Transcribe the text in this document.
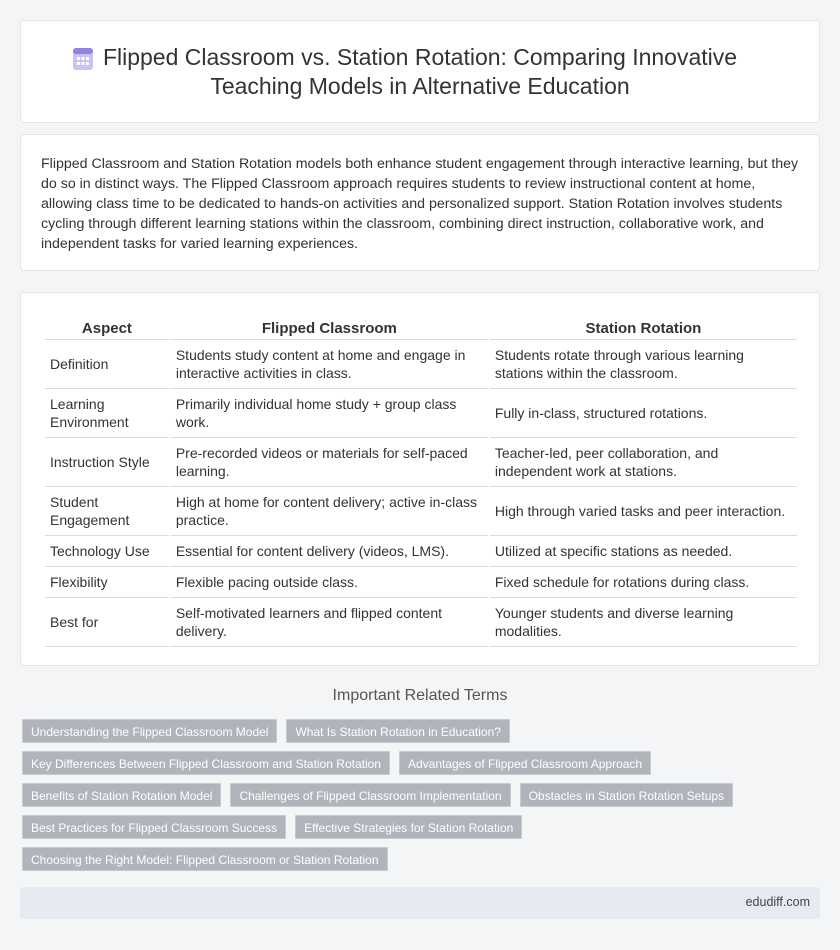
Flipped Classroom vs. Station Rotation: Comparing Innovative Teaching Models in Alternative Education

Flipped Classroom and Station Rotation models both enhance student engagement through interactive learning, but they do so in distinct ways. The Flipped Classroom approach requires students to review instructional content at home, allowing class time to be dedicated to hands-on activities and personalized support. Station Rotation involves students cycling through different learning stations within the classroom, combining direct instruction, collaborative work, and independent tasks for varied learning experiences.

Aspect	Flipped Classroom	Station Rotation
Definition	Students study content at home and engage in interactive activities in class.	Students rotate through various learning stations within the classroom.
Learning Environment	Primarily individual home study + group class work.	Fully in-class, structured rotations.
Instruction Style	Pre-recorded videos or materials for self-paced learning.	Teacher-led, peer collaboration, and independent work at stations.
Student Engagement	High at home for content delivery; active in-class practice.	High through varied tasks and peer interaction.
Technology Use	Essential for content delivery (videos, LMS).	Utilized at specific stations as needed.
Flexibility	Flexible pacing outside class.	Fixed schedule for rotations during class.
Best for	Self-motivated learners and flipped content delivery.	Younger students and diverse learning modalities.
Important Related Terms
Understanding the Flipped Classroom Model	What Is Station Rotation in Education?
Key Differences Between Flipped Classroom and Station Rotation	Advantages of Flipped Classroom Approach
Benefits of Station Rotation Model	Challenges of Flipped Classroom Implementation	Obstacles in Station Rotation Setups
Best Practices for Flipped Classroom Success	Effective Strategies for Station Rotation
Choosing the Right Model: Flipped Classroom or Station Rotation
edudiff.com
